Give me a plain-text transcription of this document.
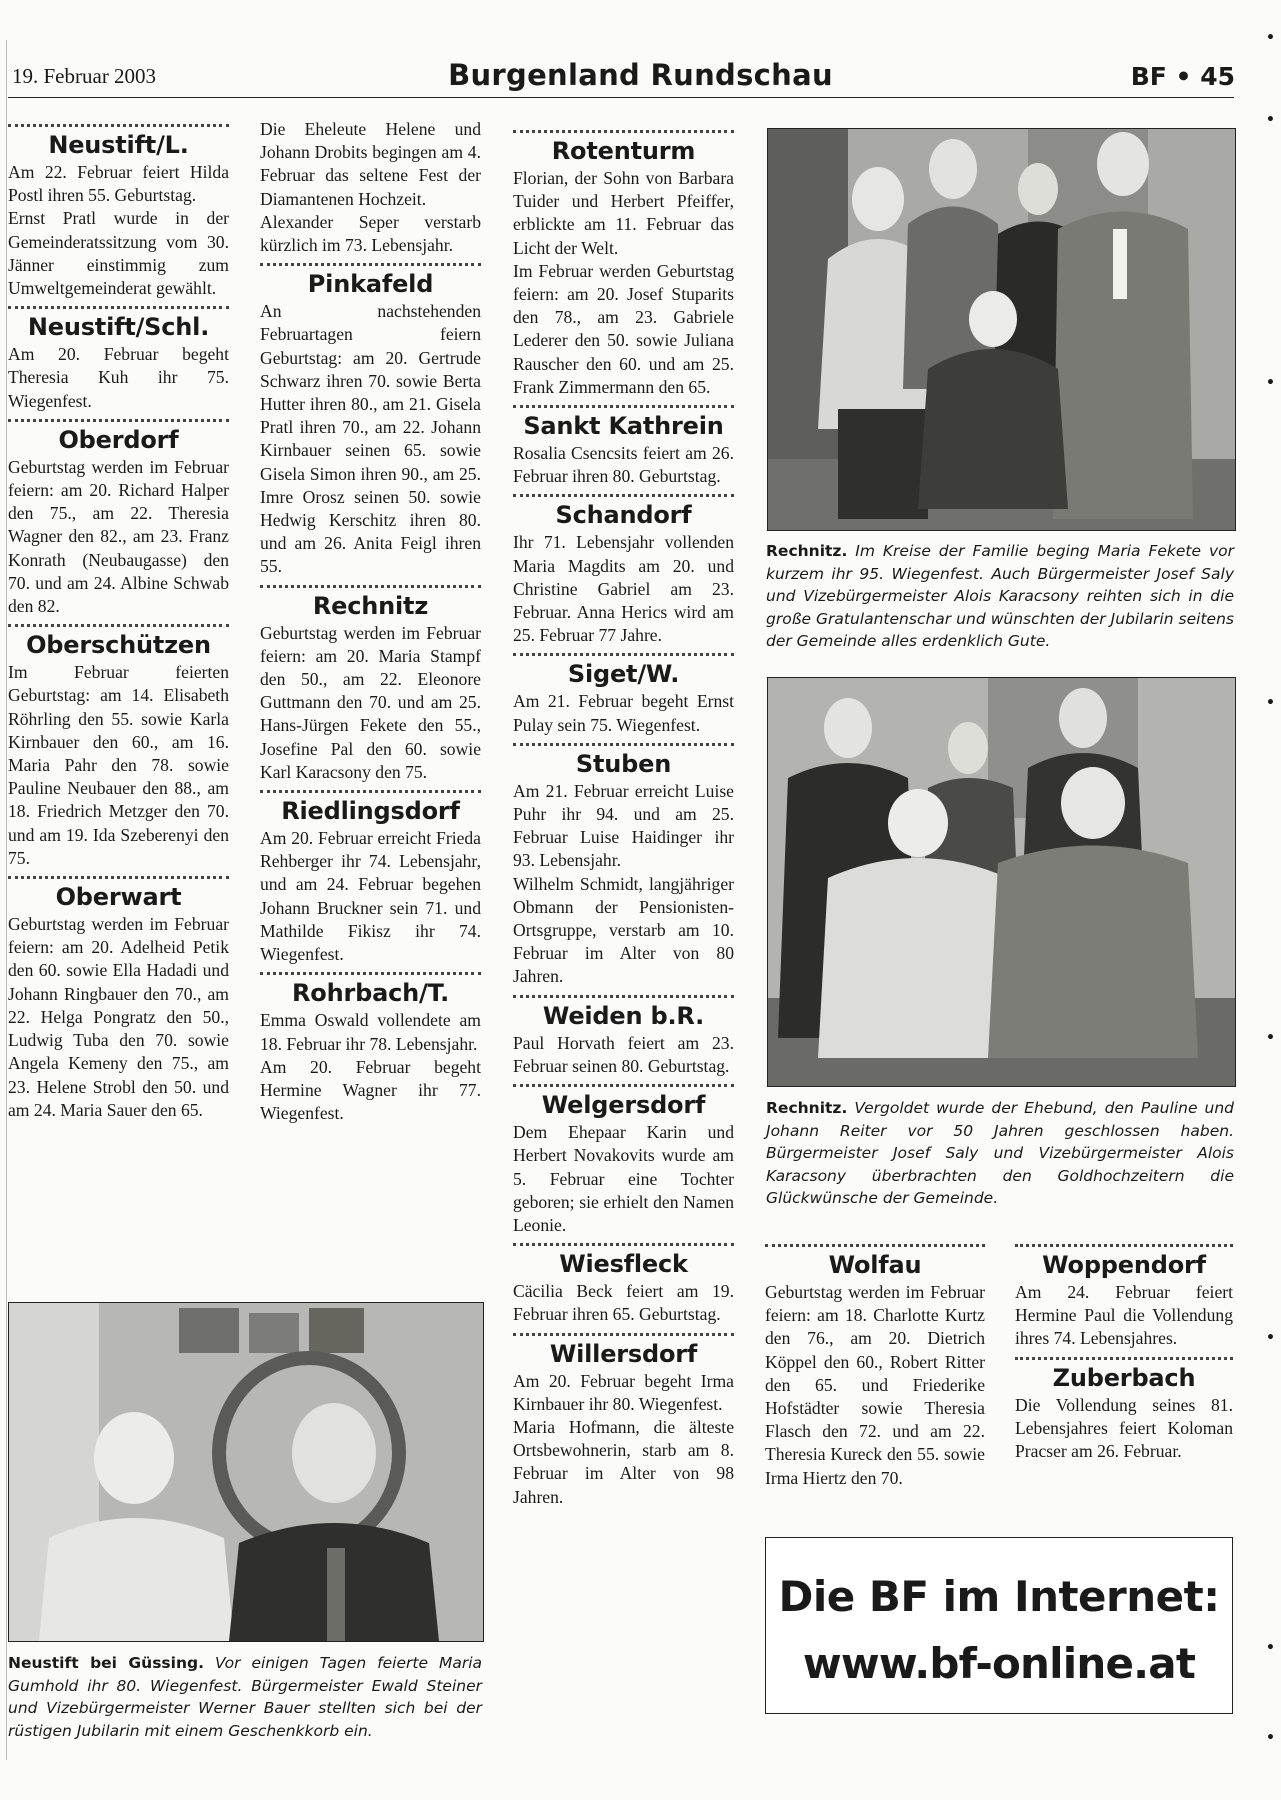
19. Februar 2003	Burgenland Rundschau	BF • 45
Neustift/L.

Am 22. Februar feiert Hilda Postl ihren 55. Geburtstag.

Ernst Pratl wurde in der Gemeinderatssitzung vom 30. Jänner einstimmig zum Umweltgemeinderat gewählt.

Neustift/Schl.

Am 20. Februar begeht Theresia Kuh ihr 75. Wiegenfest.

Oberdorf

Geburtstag werden im Februar feiern: am 20. Richard Halper den 75., am 22. Theresia Wagner den 82., am 23. Franz Konrath (Neubaugasse) den 70. und am 24. Albine Schwab den 82.

Oberschützen

Im Februar feierten Geburtstag: am 14. Elisabeth Röhrling den 55. sowie Karla Kirnbauer den 60., am 16. Maria Pahr den 78. sowie Pauline Neubauer den 88., am 18. Friedrich Metzger den 70. und am 19. Ida Szeberenyi den 75.

Oberwart

Geburtstag werden im Februar feiern: am 20. Adelheid Petik den 60. sowie Ella Hadadi und Johann Ringbauer den 70., am 22. Helga Pongratz den 50., Ludwig Tuba den 70. sowie Angela Kemeny den 75., am 23. Helene Strobl den 50. und am 24. Maria Sauer den 65.

Die Eheleute Helene und Johann Drobits begingen am 4. Februar das seltene Fest der Diamantenen Hochzeit.

Alexander Seper verstarb kürzlich im 73. Lebensjahr.

Pinkafeld

An nachstehenden Februartagen feiern Geburtstag: am 20. Gertrude Schwarz ihren 70. sowie Berta Hutter ihren 80., am 21. Gisela Pratl ihren 70., am 22. Johann Kirnbauer seinen 65. sowie Gisela Simon ihren 90., am 25. Imre Orosz seinen 50. sowie Hedwig Kerschitz ihren 80. und am 26. Anita Feigl ihren 55.

Rechnitz

Geburtstag werden im Februar feiern: am 20. Maria Stampf den 50., am 22. Eleonore Guttmann den 70. und am 25. Hans-Jürgen Fekete den 55., Josefine Pal den 60. sowie Karl Karacsony den 75.

Riedlingsdorf

Am 20. Februar erreicht Frieda Rehberger ihr 74. Lebensjahr, und am 24. Februar begehen Johann Bruckner sein 71. und Mathilde Fikisz ihr 74. Wiegenfest.

Rohrbach/T.

Emma Oswald vollendete am 18. Februar ihr 78. Lebensjahr.

Am 20. Februar begeht Hermine Wagner ihr 77. Wiegenfest.

Rotenturm

Florian, der Sohn von Barbara Tuider und Herbert Pfeiffer, erblickte am 11. Februar das Licht der Welt.

Im Februar werden Geburtstag feiern: am 20. Josef Stuparits den 78., am 23. Gabriele Lederer den 50. sowie Juliana Rauscher den 60. und am 25. Frank Zimmermann den 65.

Sankt Kathrein

Rosalia Csencsits feiert am 26. Februar ihren 80. Geburtstag.

Schandorf

Ihr 71. Lebensjahr vollenden Maria Magdits am 20. und Christine Gabriel am 23. Februar. Anna Herics wird am 25. Februar 77 Jahre.

Siget/W.

Am 21. Februar begeht Ernst Pulay sein 75. Wiegenfest.

Stuben

Am 21. Februar erreicht Luise Puhr ihr 94. und am 25. Februar Luise Haidinger ihr 93. Lebensjahr.

Wilhelm Schmidt, langjähriger Obmann der Pensionisten-Ortsgruppe, verstarb am 10. Februar im Alter von 80 Jahren.

Weiden b.R.

Paul Horvath feiert am 23. Februar seinen 80. Geburtstag.

Welgersdorf

Dem Ehepaar Karin und Herbert Novakovits wurde am 5. Februar eine Tochter geboren; sie erhielt den Namen Leonie.

Wiesfleck

Cäcilia Beck feiert am 19. Februar ihren 65. Geburtstag.

Willersdorf

Am 20. Februar begeht Irma Kirnbauer ihr 80. Wiegenfest.

Maria Hofmann, die älteste Ortsbewohnerin, starb am 8. Februar im Alter von 98 Jahren.

Wolfau

Geburtstag werden im Februar feiern: am 18. Charlotte Kurtz den 76., am 20. Dietrich Köppel den 60., Robert Ritter den 65. und Friederike Hofstädter sowie Theresia Flasch den 72. und am 22. Theresia Kureck den 55. sowie Irma Hiertz den 70.

Woppendorf

Am 24. Februar feiert Hermine Paul die Vollendung ihres 74. Lebensjahres.

Zuberbach

Die Vollendung seines 81. Lebensjahres feiert Koloman Pracser am 26. Februar.

Rechnitz. Im Kreise der Familie beging Maria Fekete vor kurzem ihr 95. Wiegenfest. Auch Bürgermeister Josef Saly und Vizebürgermeister Alois Karacsony reihten sich in die große Gratulantenschar und wünschten der Jubilarin seitens der Gemeinde alles erdenklich Gute.
Rechnitz. Vergoldet wurde der Ehebund, den Pauline und Johann Reiter vor 50 Jahren geschlossen haben. Bürgermeister Josef Saly und Vizebürgermeister Alois Karacsony überbrachten den Goldhochzeitern die Glückwünsche der Gemeinde.
Neustift bei Güssing. Vor einigen Tagen feierte Maria Gumhold ihr 80. Wiegenfest. Bürgermeister Ewald Steiner und Vizebürgermeister Werner Bauer stellten sich bei der rüstigen Jubilarin mit einem Geschenkkorb ein.
Die BF im Internet:
www.bf-online.at
•
•
•
•
•
•
•
•
